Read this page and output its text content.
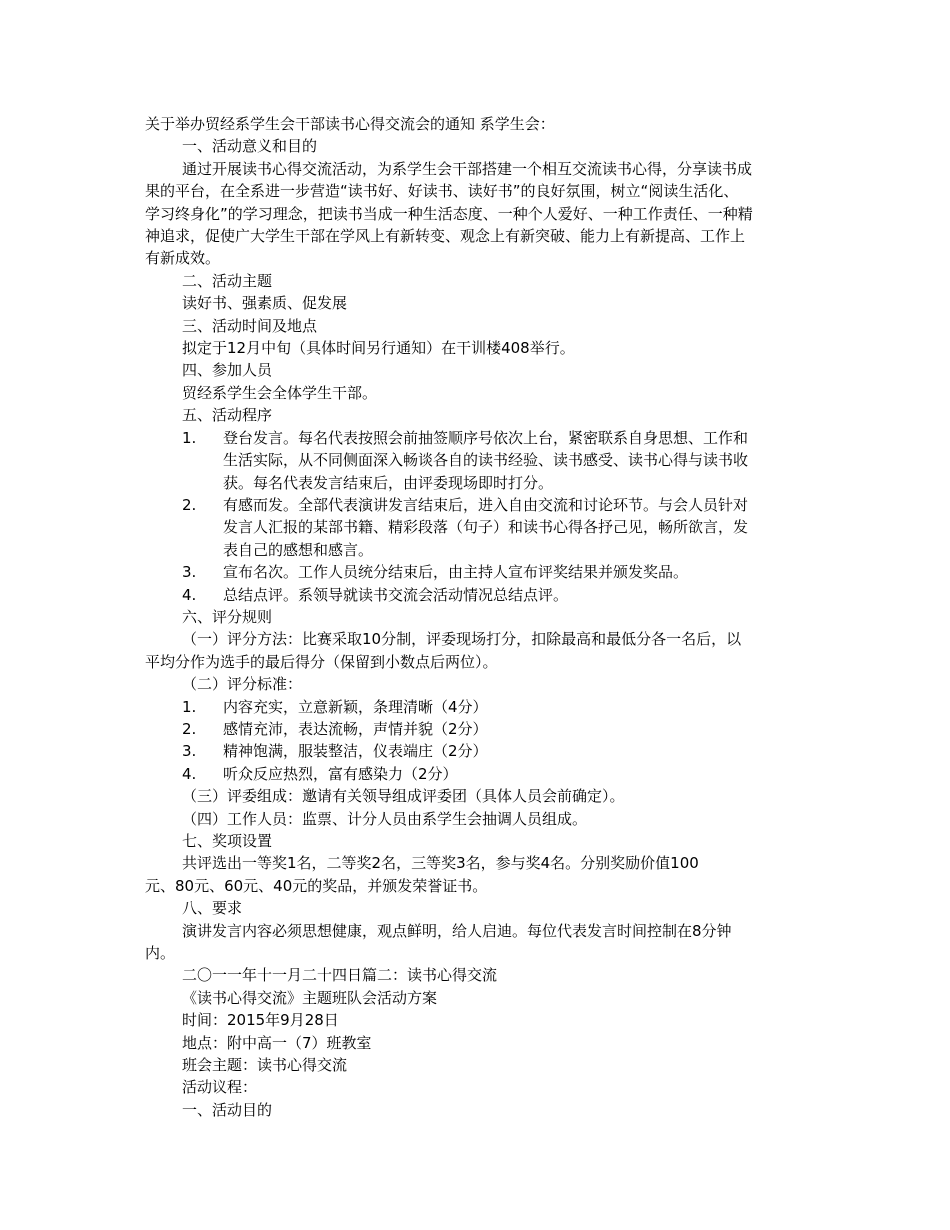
关于举办贸经系学生会干部读书心得交流会的通知 系学生会：
一、活动意义和目的
通过开展读书心得交流活动，为系学生会干部搭建一个相互交流读书心得，分享读书成
果的平台，在全系进一步营造“读书好、好读书、读好书”的良好氛围，树立“阅读生活化、
学习终身化”的学习理念，把读书当成一种生活态度、一种个人爱好、一种工作责任、一种精
神追求，促使广大学生干部在学风上有新转变、观念上有新突破、能力上有新提高、工作上
有新成效。
二、活动主题
读好书、强素质、促发展
三、活动时间及地点
拟定于12月中旬（具体时间另行通知）在干训楼408举行。
四、参加人员
贸经系学生会全体学生干部。
五、活动程序
1. 登台发言。每名代表按照会前抽签顺序号依次上台，紧密联系自身思想、工作和
生活实际，从不同侧面深入畅谈各自的读书经验、读书感受、读书心得与读书收
获。每名代表发言结束后，由评委现场即时打分。
2. 有感而发。全部代表演讲发言结束后，进入自由交流和讨论环节。与会人员针对
发言人汇报的某部书籍、精彩段落（句子）和读书心得各抒己见，畅所欲言，发
表自己的感想和感言。
3. 宣布名次。工作人员统分结束后，由主持人宣布评奖结果并颁发奖品。
4. 总结点评。系领导就读书交流会活动情况总结点评。
六、评分规则
（一）评分方法：比赛采取10分制，评委现场打分，扣除最高和最低分各一名后，以
平均分作为选手的最后得分（保留到小数点后两位）。
（二）评分标准：
1. 内容充实，立意新颖，条理清晰（4分）
2. 感情充沛，表达流畅，声情并貌（2分）
3. 精神饱满，服装整洁，仪表端庄（2分）
4. 听众反应热烈，富有感染力（2分）
（三）评委组成：邀请有关领导组成评委团（具体人员会前确定）。
（四）工作人员：监票、计分人员由系学生会抽调人员组成。
七、奖项设置
共评选出一等奖1名，二等奖2名，三等奖3名，参与奖4名。分别奖励价值100
元、80元、60元、40元的奖品，并颁发荣誉证书。
八、要求
演讲发言内容必须思想健康，观点鲜明，给人启迪。每位代表发言时间控制在8分钟
内。
二〇一一年十一月二十四日篇二：读书心得交流
《读书心得交流》主题班队会活动方案
时间：2015年9月28日
地点：附中高一（7）班教室
班会主题：读书心得交流
活动议程：
一、活动目的
